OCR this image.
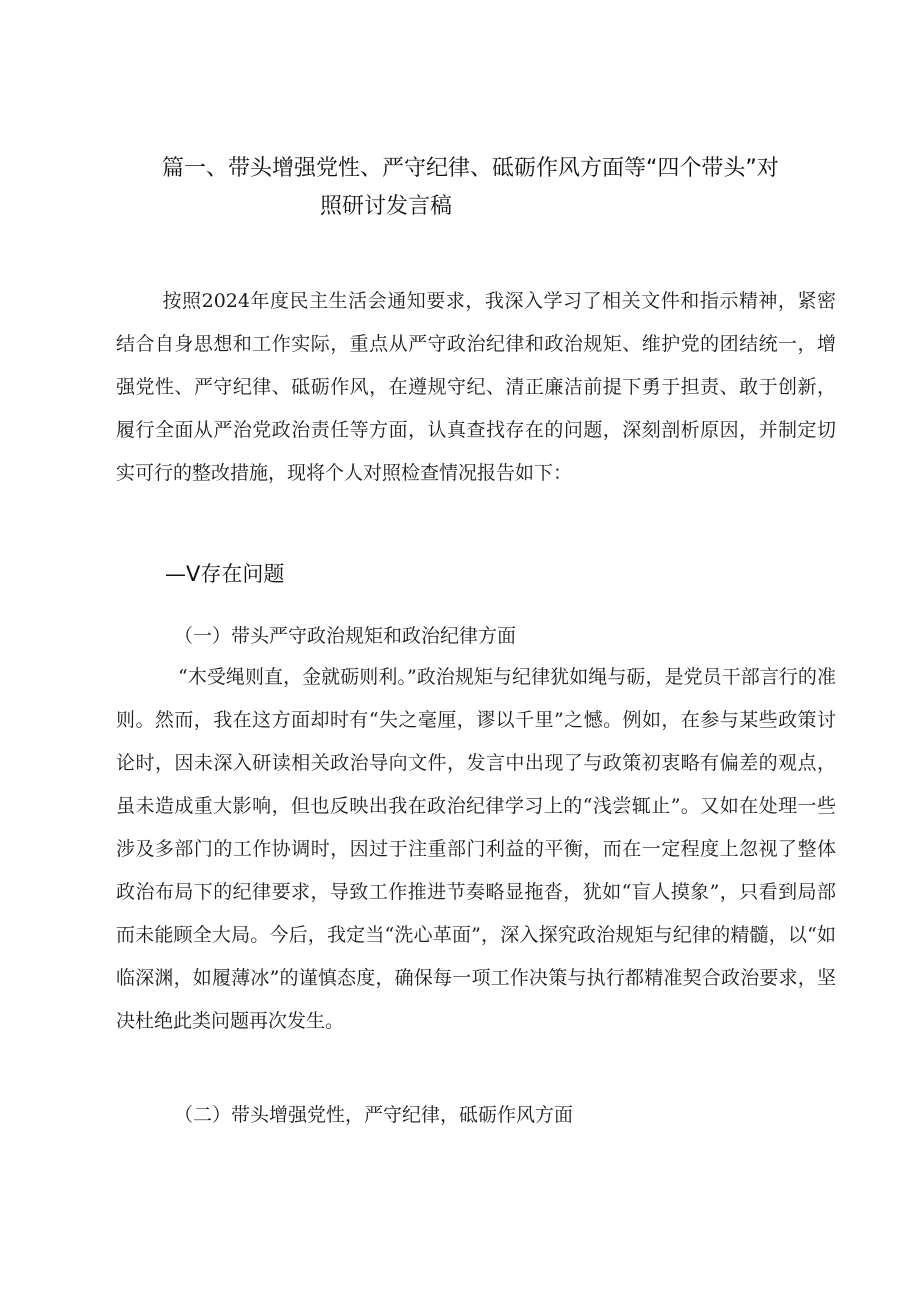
篇一、带头增强党性、严守纪律、砥砺作风方面等“四个带头”对
照研讨发言稿
按照2024年度民主生活会通知要求，我深入学习了相关文件和指示精神，紧密结合自身思想和工作实际，重点从严守政治纪律和政治规矩、维护党的团结统一，增强党性、严守纪律、砥砺作风，在遵规守纪、清正廉洁前提下勇于担责、敢于创新，履行全面从严治党政治责任等方面，认真查找存在的问题，深刻剖析原因，并制定切实可行的整改措施，现将个人对照检查情况报告如下：
—V存在问题
（一）带头严守政治规矩和政治纪律方面
“木受绳则直，金就砺则利。”政治规矩与纪律犹如绳与砺，是党员干部言行的准则。然而，我在这方面却时有“失之毫厘，谬以千里”之憾。例如，在参与某些政策讨论时，因未深入研读相关政治导向文件，发言中出现了与政策初衷略有偏差的观点，虽未造成重大影响，但也反映出我在政治纪律学习上的“浅尝辄止”。又如在处理一些涉及多部门的工作协调时，因过于注重部门利益的平衡，而在一定程度上忽视了整体政治布局下的纪律要求，导致工作推进节奏略显拖沓，犹如“盲人摸象”，只看到局部而未能顾全大局。今后，我定当“洗心革面”，深入探究政治规矩与纪律的精髓，以“如临深渊，如履薄冰”的谨慎态度，确保每一项工作决策与执行都精准契合政治要求，坚决杜绝此类问题再次发生。
（二）带头增强党性，严守纪律，砥砺作风方面
